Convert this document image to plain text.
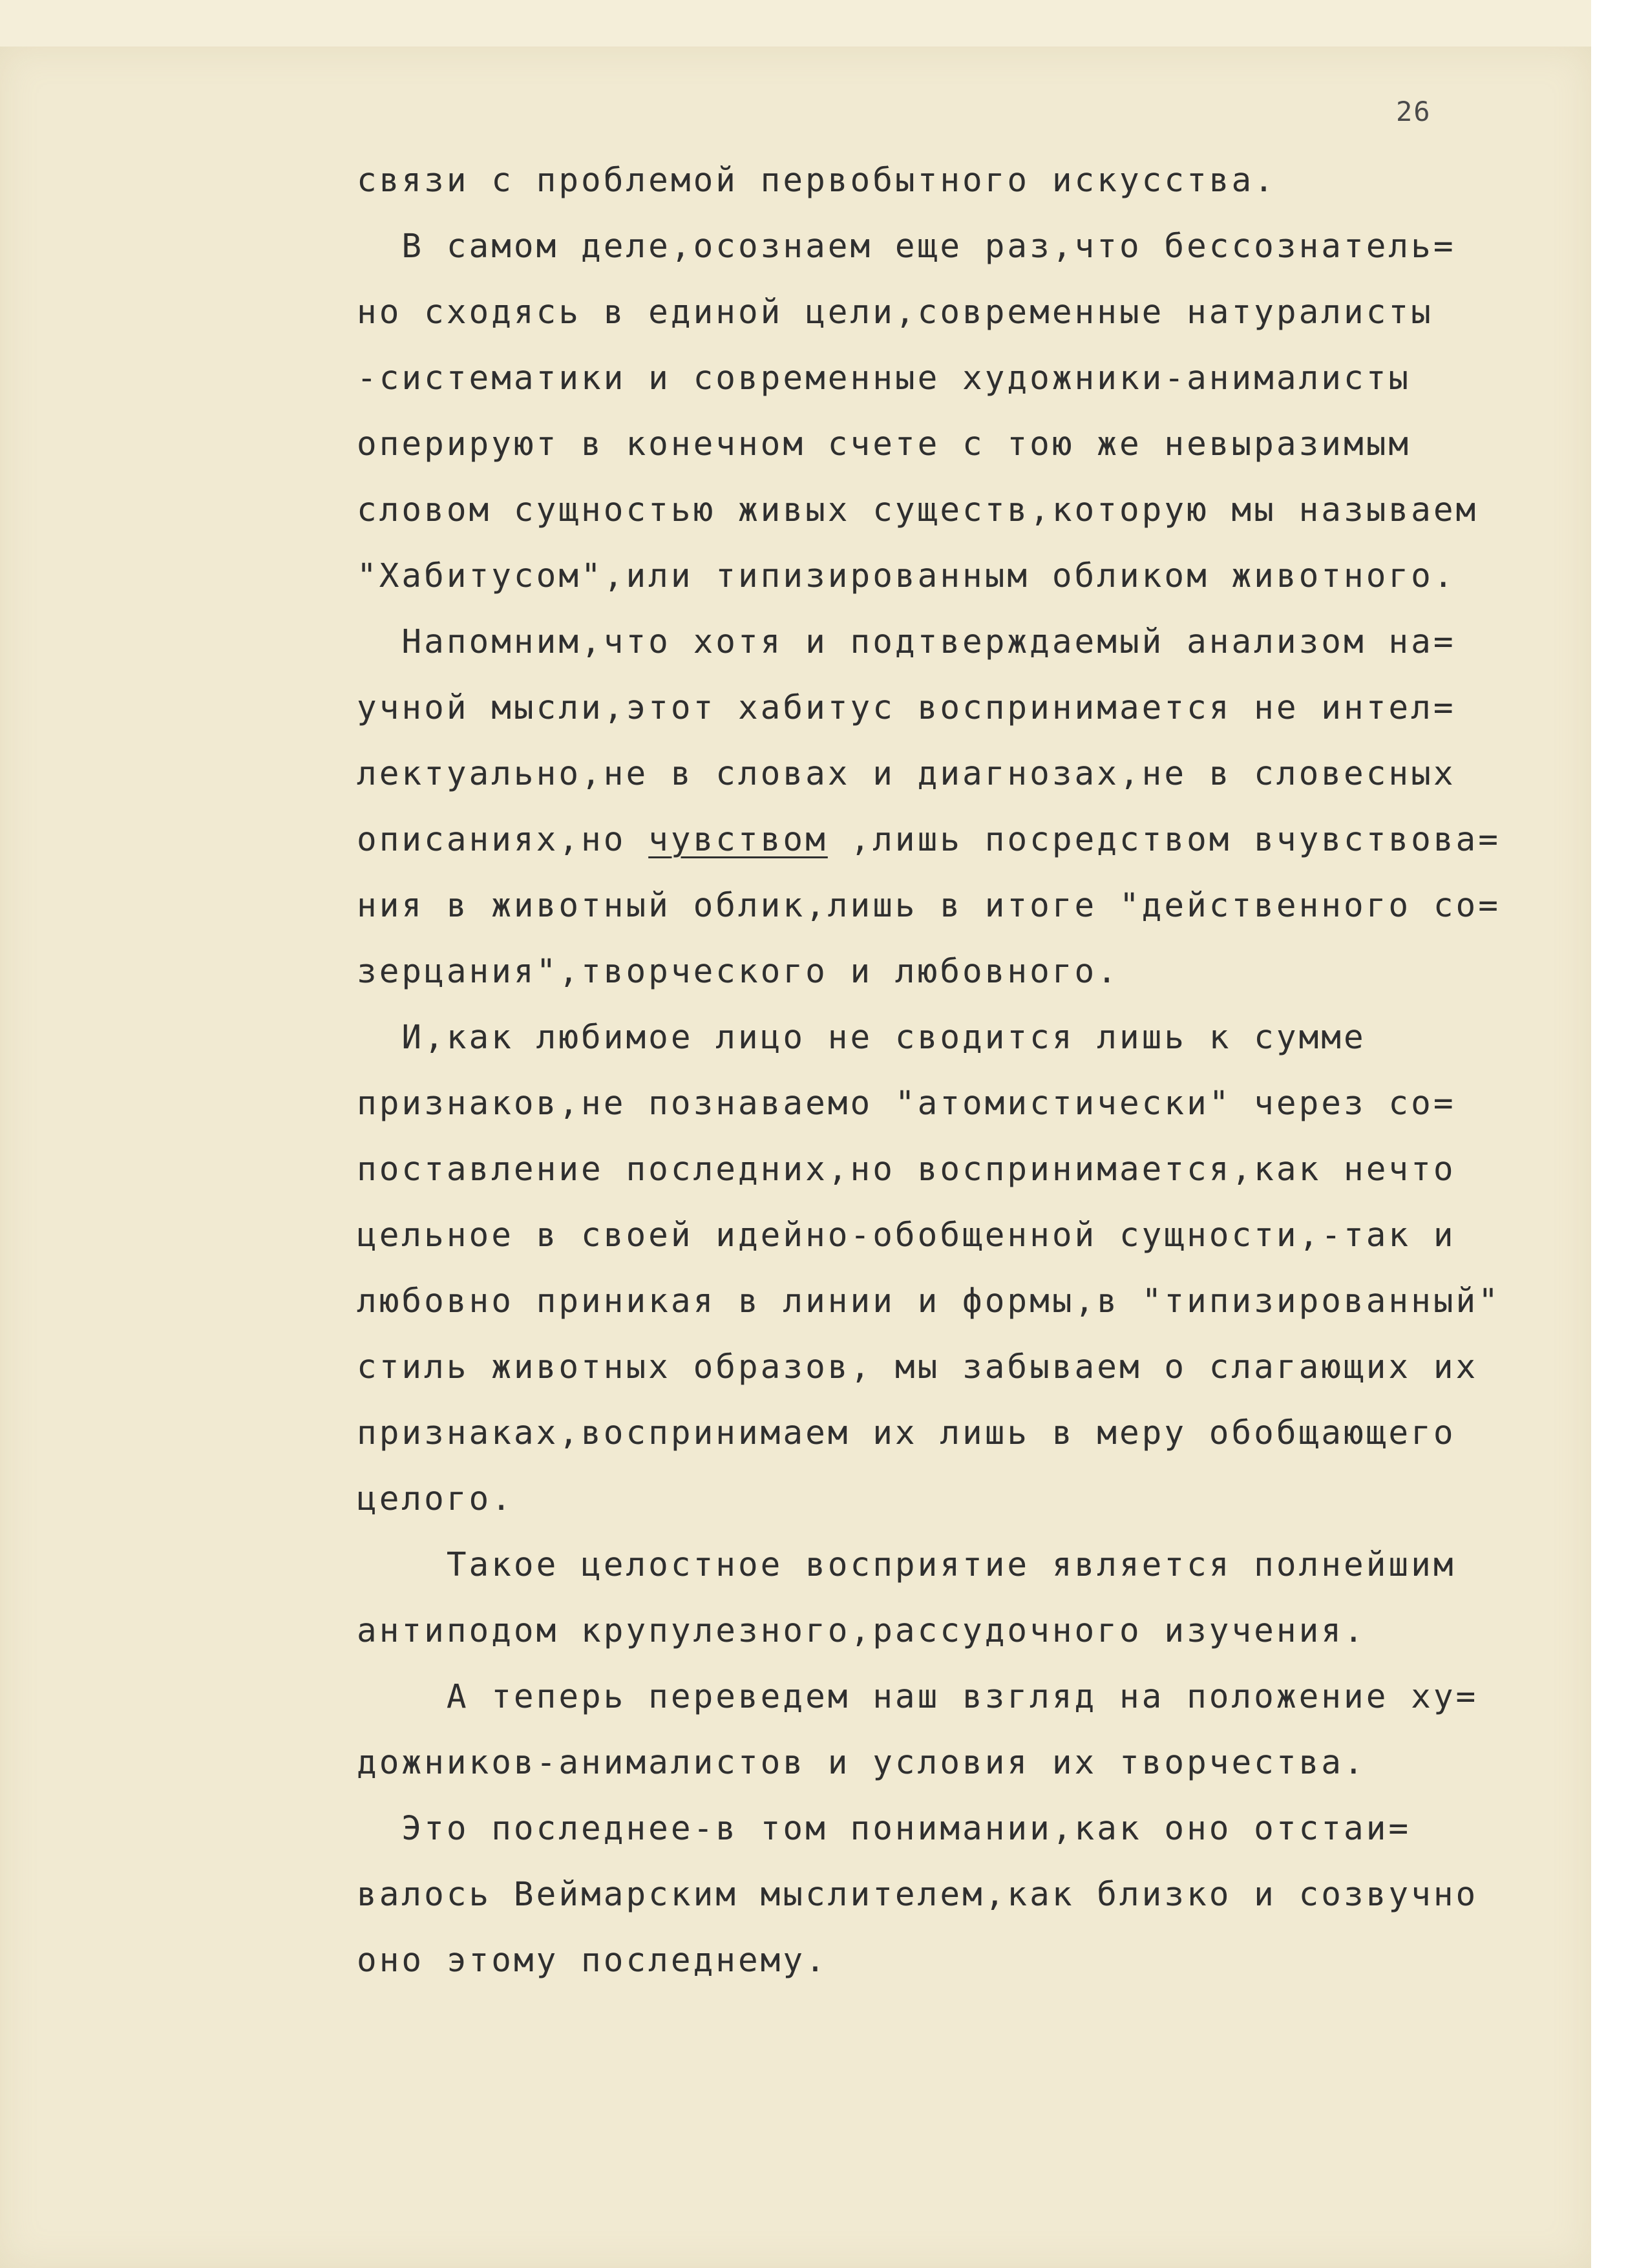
26
связи с проблемой первобытного искусства.
В самом деле,осознаем еще раз,что бессознатель=
но сходясь в единой цели,современные натуралисты
-систематики и современные художники-анималисты
оперируют в конечном счете с тою же невыразимым
словом сущностью живых существ,которую мы называем
"Хабитусом",или типизированным обликом животного.
Напомним,что хотя и подтверждаемый анализом на=
учной мысли,этот хабитус воспринимается не интел=
лектуально,не в словах и диагнозах,не в словесных
описаниях,но чувством ,лишь посредством вчувствова=
ния в животный облик,лишь в итоге "действенного со=
зерцания",творческого и любовного.
И,как любимое лицо не сводится лишь к сумме
признаков,не познаваемо "атомистически" через со=
поставление последних,но воспринимается,как нечто
цельное в своей идейно-обобщенной сущности,-так и
любовно приникая в линии и формы,в "типизированный"
стиль животных образов, мы забываем о слагающих их
признаках,воспринимаем их лишь в меру обобщающего
целого.
Такое целостное восприятие является полнейшим
антиподом крупулезного,рассудочного изучения.
А теперь переведем наш взгляд на положение ху=
дожников-анималистов и условия их творчества.
Это последнее-в том понимании,как оно отстаи=
валось Веймарским мыслителем,как близко и созвучно
оно этому последнему.
